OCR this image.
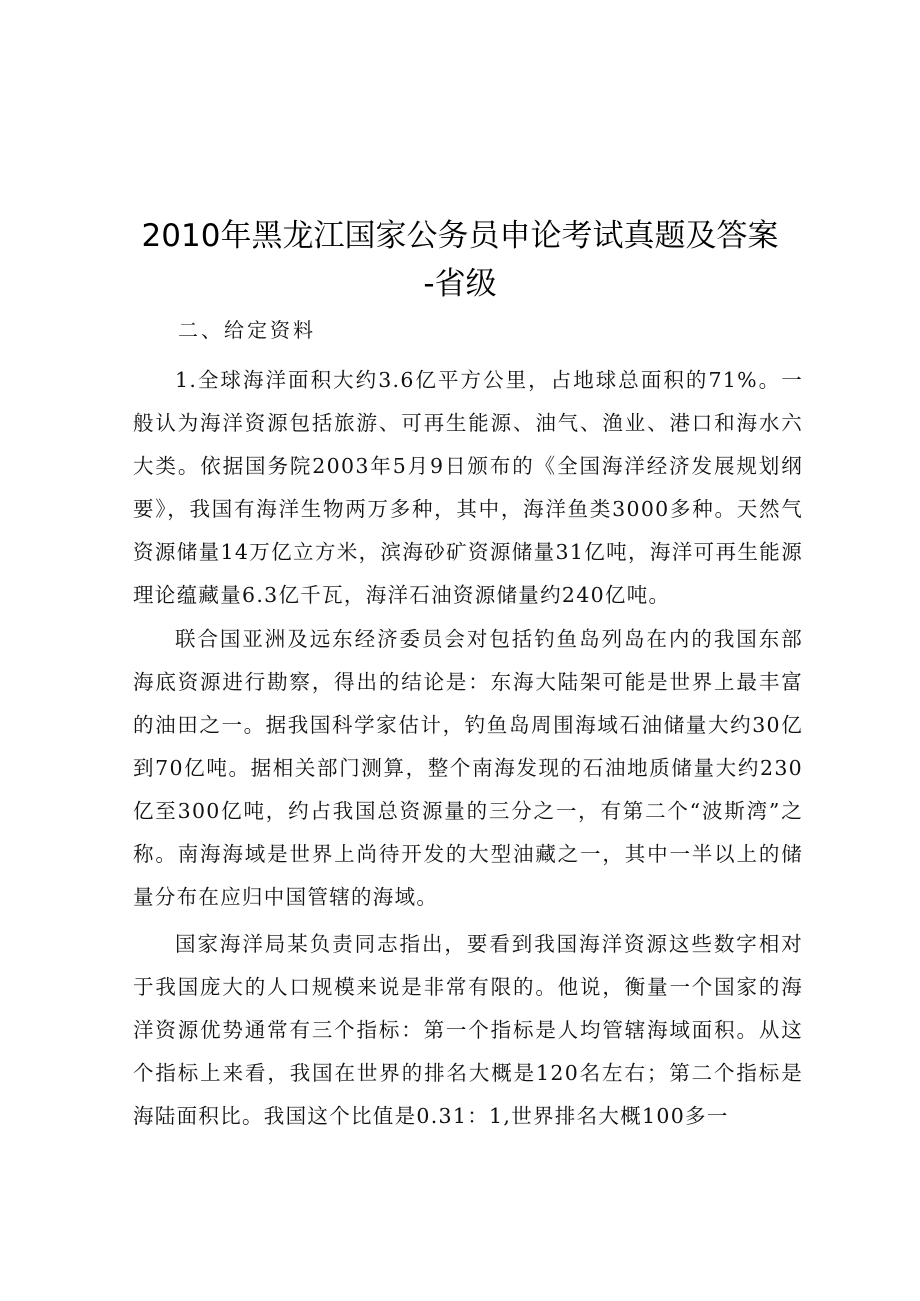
2010年黑龙江国家公务员申论考试真题及答案
-省级
二、给定资料

1.全球海洋面积大约3.6亿平方公里，占地球总面积的71%。一般认为海洋资源包括旅游、可再生能源、油气、渔业、港口和海水六大类。依据国务院2003年5月9日颁布的《全国海洋经济发展规划纲要》，我国有海洋生物两万多种，其中，海洋鱼类3000多种。天然气资源储量14万亿立方米，滨海砂矿资源储量31亿吨，海洋可再生能源理论蕴藏量6.3亿千瓦，海洋石油资源储量约240亿吨。

联合国亚洲及远东经济委员会对包括钓鱼岛列岛在内的我国东部海底资源进行勘察，得出的结论是：东海大陆架可能是世界上最丰富的油田之一。据我国科学家估计，钓鱼岛周围海域石油储量大约30亿到70亿吨。据相关部门测算，整个南海发现的石油地质储量大约230亿至300亿吨，约占我国总资源量的三分之一，有第二个“波斯湾”之称。南海海域是世界上尚待开发的大型油藏之一，其中一半以上的储量分布在应归中国管辖的海域。

国家海洋局某负责同志指出，要看到我国海洋资源这些数字相对于我国庞大的人口规模来说是非常有限的。他说，衡量一个国家的海洋资源优势通常有三个指标：第一个指标是人均管辖海域面积。从这个指标上来看，我国在世界的排名大概是120名左右；第二个指标是海陆面积比。我国这个比值是0.31：1,世界排名大概100多一
